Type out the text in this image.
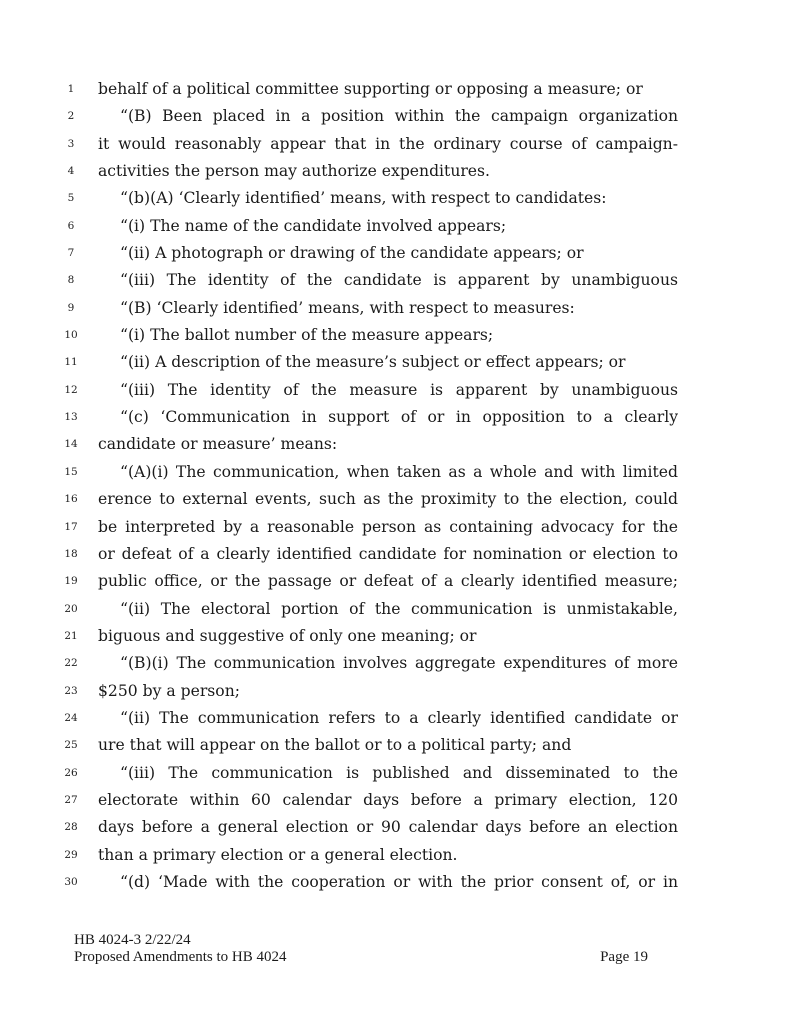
1	behalf of a political committee supporting or opposing a measure; or
2	“(B) Been placed in a position within the campaign organization
3	it would reasonably appear that in the ordinary course of campaign-
4	activities the person may authorize expenditures.
5	“(b)(A) ‘Clearly identified’ means, with respect to candidates:
6	“(i) The name of the candidate involved appears;
7	“(ii) A photograph or drawing of the candidate appears; or
8	“(iii) The identity of the candidate is apparent by unambiguous
9	“(B) ‘Clearly identified’ means, with respect to measures:
10	“(i) The ballot number of the measure appears;
11	“(ii) A description of the measure’s subject or effect appears; or
12	“(iii) The identity of the measure is apparent by unambiguous
13	“(c) ‘Communication in support of or in opposition to a clearly
14 candidate or measure’ means:
15	“(A)(i) The communication, when taken as a whole and with limited
16 erence to external events, such as the proximity to the election, could
17 be interpreted by a reasonable person as containing advocacy for the
18 or defeat of a clearly identified candidate for nomination or election to
19 public office, or the passage or defeat of a clearly identified measure;
20	“(ii) The electoral portion of the communication is unmistakable,
21 biguous and suggestive of only one meaning; or
22	“(B)(i) The communication involves aggregate expenditures of more
23 $250 by a person;
24	“(ii) The communication refers to a clearly identified candidate or
25 ure that will appear on the ballot or to a political party; and
26	“(iii) The communication is published and disseminated to the
27 electorate within 60 calendar days before a primary election, 120
28 days before a general election or 90 calendar days before an election
29 than a primary election or a general election.
30	“(d) ‘Made with the cooperation or with the prior consent of, or in
HB 4024-3 2/22/24
Proposed Amendments to HB 4024	Page 19
